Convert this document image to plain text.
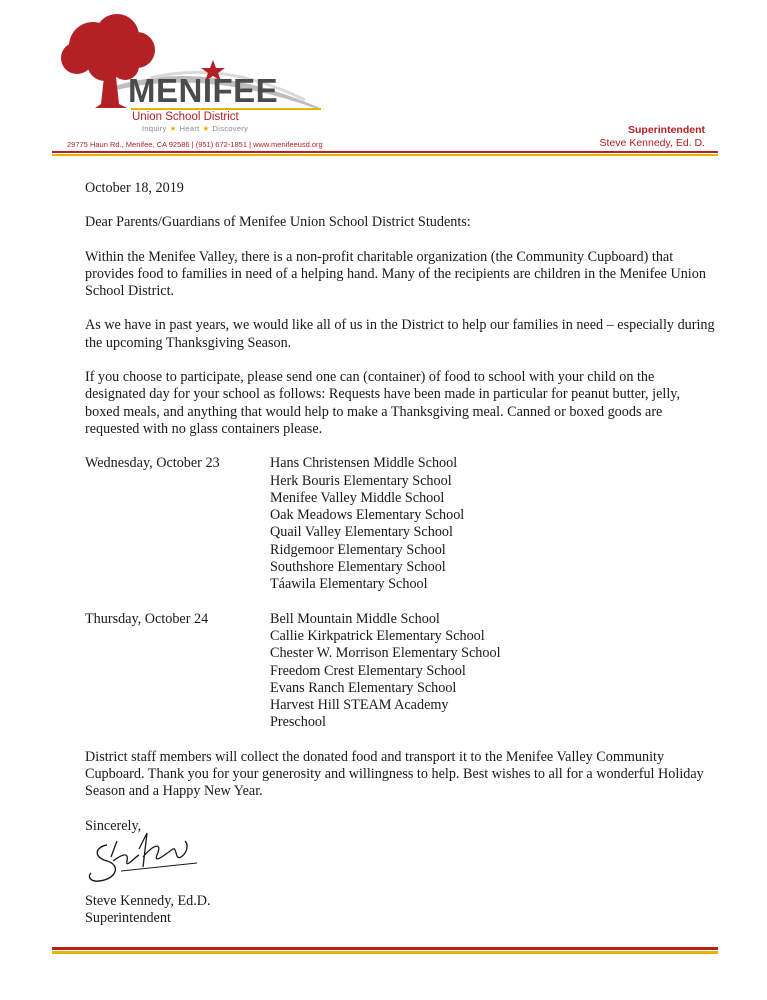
MENIFEE
Union School District
Inquiry ★ Heart ★ Discovery
29775 Haun Rd., Menifee, CA 92586 | (951) 672-1851 | www.menifeeusd.org
Superintendent
Steve Kennedy, Ed. D.

October 18, 2019

Dear Parents/Guardians of Menifee Union School District Students:

Within the Menifee Valley, there is a non-profit charitable organization (the Community Cupboard) that provides food to families in need of a helping hand. Many of the recipients are children in the Menifee Union School District.

As we have in past years, we would like all of us in the District to help our families in need – especially during the upcoming Thanksgiving Season.

If you choose to participate, please send one can (container) of food to school with your child on the designated day for your school as follows: Requests have been made in particular for peanut butter, jelly, boxed meals, and anything that would help to make a Thanksgiving meal. Canned or boxed goods are requested with no glass containers please.

Wednesday, October 23	Hans Christensen Middle School
Herk Bouris Elementary School
Menifee Valley Middle School
Oak Meadows Elementary School
Quail Valley Elementary School
Ridgemoor Elementary School
Southshore Elementary School
Táawila Elementary School
Thursday, October 24	Bell Mountain Middle School
Callie Kirkpatrick Elementary School
Chester W. Morrison Elementary School
Freedom Crest Elementary School
Evans Ranch Elementary School
Harvest Hill STEAM Academy
Preschool

District staff members will collect the donated food and transport it to the Menifee Valley Community Cupboard. Thank you for your generosity and willingness to help. Best wishes to all for a wonderful Holiday Season and a Happy New Year.

Sincerely,

Steve Kennedy, Ed.D.

Superintendent
